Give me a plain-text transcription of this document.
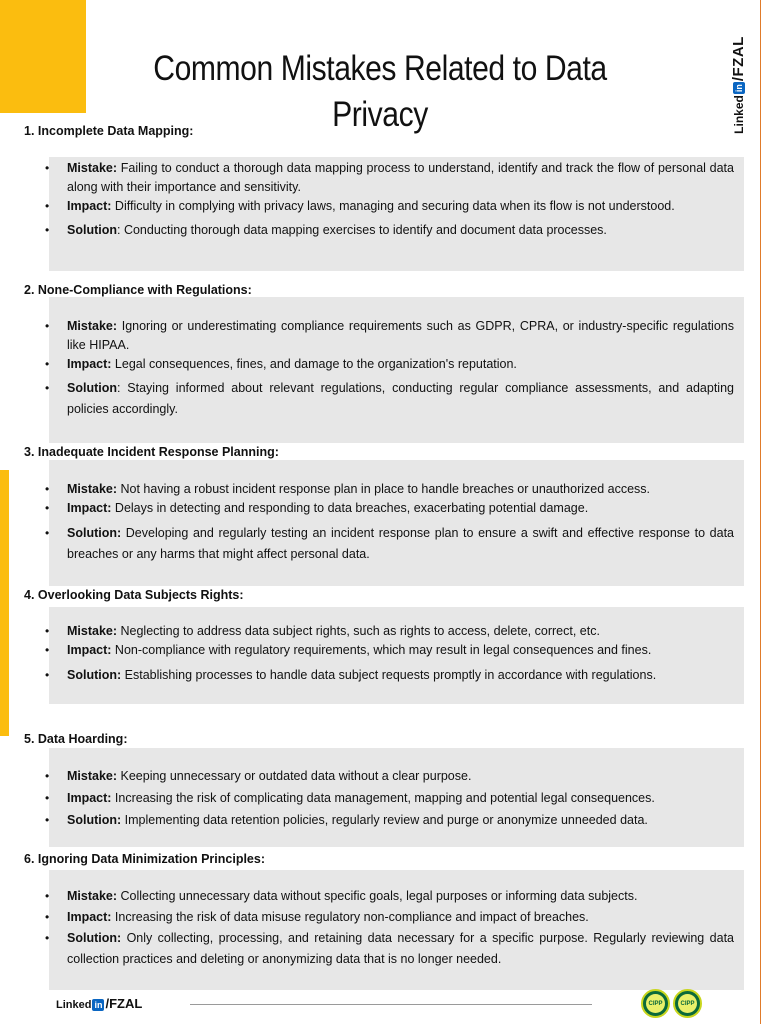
Common Mistakes Related to Data Privacy	Linked
in
/FZAL

1. Incomplete Data Mapping:

• Mistake: Failing to conduct a thorough data mapping process to understand, identify and track the flow of personal data along with their importance and sensitivity.
• Impact: Difficulty in complying with privacy laws, managing and securing data when its flow is not understood.
• Solution: Conducting thorough data mapping exercises to identify and document data processes.

2. None-Compliance with Regulations:

• Mistake: Ignoring or underestimating compliance requirements such as GDPR, CPRA, or industry-specific regulations like HIPAA.
• Impact: Legal consequences, fines, and damage to the organization's reputation.
• Solution: Staying informed about relevant regulations, conducting regular compliance assessments, and adapting policies accordingly.

3. Inadequate Incident Response Planning:

• Mistake: Not having a robust incident response plan in place to handle breaches or unauthorized access.
• Impact: Delays in detecting and responding to data breaches, exacerbating potential damage.
• Solution: Developing and regularly testing an incident response plan to ensure a swift and effective response to data breaches or any harms that might affect personal data.

4. Overlooking Data Subjects Rights:

• Mistake: Neglecting to address data subject rights, such as rights to access, delete, correct, etc.
• Impact: Non-compliance with regulatory requirements, which may result in legal consequences and fines.
• Solution: Establishing processes to handle data subject requests promptly in accordance with regulations.

5. Data Hoarding:

• Mistake: Keeping unnecessary or outdated data without a clear purpose.
• Impact: Increasing the risk of complicating data management, mapping and potential legal consequences.
• Solution: Implementing data retention policies, regularly review and purge or anonymize unneeded data.

6. Ignoring Data Minimization Principles:

• Mistake: Collecting unnecessary data without specific goals, legal purposes or informing data subjects.
• Impact: Increasing the risk of data misuse regulatory non-compliance and impact of breaches.
• Solution: Only collecting, processing, and retaining data necessary for a specific purpose. Regularly reviewing data collection practices and deleting or anonymizing data that is no longer needed.
Linked in /FZAL	CIPP	CIPP
